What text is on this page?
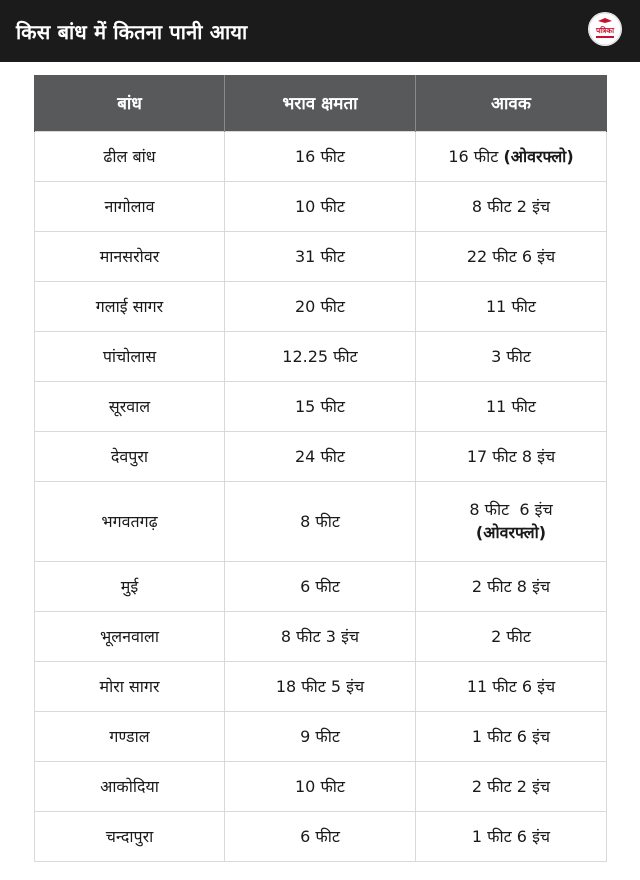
किस बांध में कितना पानी आया	पत्रिका
बांध	भराव क्षमता	आवक
ढील बांध	16 फीट	16 फीट (ओवरफ्लो)
नागोलाव	10 फीट	8 फीट 2 इंच
मानसरोवर	31 फीट	22 फीट 6 इंच
गलाई सागर	20 फीट	11 फीट
पांचोलास	12.25 फीट	3 फीट
सूरवाल	15 फीट	11 फीट
देवपुरा	24 फीट	17 फीट 8 इंच
भगवतगढ़	8 फीट	8 फीट  6 इंच
(ओवरफ्लो)
मुई	6 फीट	2 फीट 8 इंच
भूलनवाला	8 फीट 3 इंच	2 फीट
मोरा सागर	18 फीट 5 इंच	11 फीट 6 इंच
गण्डाल	9 फीट	1 फीट 6 इंच
आकोदिया	10 फीट	2 फीट 2 इंच
चन्दापुरा	6 फीट	1 फीट 6 इंच
